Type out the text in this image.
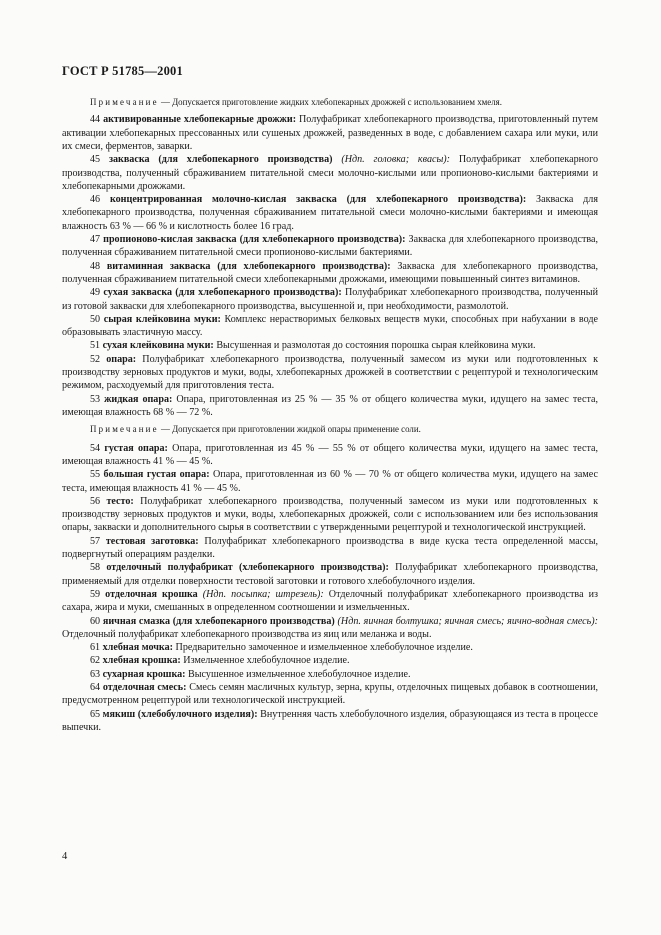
ГОСТ Р 51785—2001

Примечание — Допускается приготовление жидких хлебопекарных дрожжей с использованием хмеля.

44 активированные хлебопекарные дрожжи: Полуфабрикат хлебопекарного производства, приготовленный путем активации хлебопекарных прессованных или сушеных дрожжей, разведенных в воде, с добавлением сахара или муки, или их смеси, ферментов, заварки.

45 закваска (для хлебопекарного производства) (Ндп. головка; квасы): Полуфабрикат хлебопекарного производства, полученный сбраживанием питательной смеси молочно-кислыми или пропионово-кислыми бактериями и хлебопекарными дрожжами.

46 концентрированная молочно-кислая закваска (для хлебопекарного производства): Закваска для хлебопекарного производства, полученная сбраживанием питательной смеси молочно-кислыми бактериями и имеющая влажность 63 % — 66 % и кислотность более 16 град.

47 пропионово-кислая закваска (для хлебопекарного производства): Закваска для хлебопекарного производства, полученная сбраживанием питательной смеси пропионово-кислыми бактериями.

48 витаминная закваска (для хлебопекарного производства): Закваска для хлебопекарного производства, полученная сбраживанием питательной смеси хлебопекарными дрожжами, имеющими повышенный синтез витаминов.

49 сухая закваска (для хлебопекарного производства): Полуфабрикат хлебопекарного производства, полученный из готовой закваски для хлебопекарного производства, высушенной и, при необходимости, размолотой.

50 сырая клейковина муки: Комплекс нерастворимых белковых веществ муки, способных при набухании в воде образовывать эластичную массу.

51 сухая клейковина муки: Высушенная и размолотая до состояния порошка сырая клейковина муки.

52 опара: Полуфабрикат хлебопекарного производства, полученный замесом из муки или подготовленных к производству зерновых продуктов и муки, воды, хлебопекарных дрожжей в соответствии с рецептурой и технологическим режимом, расходуемый для приготовления теста.

53 жидкая опара: Опара, приготовленная из 25 % — 35 % от общего количества муки, идущего на замес теста, имеющая влажность 68 % — 72 %.

Примечание — Допускается при приготовлении жидкой опары применение соли.

54 густая опара: Опара, приготовленная из 45 % — 55 % от общего количества муки, идущего на замес теста, имеющая влажность 41 % — 45 %.

55 большая густая опара: Опара, приготовленная из 60 % — 70 % от общего количества муки, идущего на замес теста, имеющая влажность 41 % — 45 %.

56 тесто: Полуфабрикат хлебопекарного производства, полученный замесом из муки или подготовленных к производству зерновых продуктов и муки, воды, хлебопекарных дрожжей, соли с использованием или без использования опары, закваски и дополнительного сырья в соответствии с утвержденными рецептурой и технологической инструкцией.

57 тестовая заготовка: Полуфабрикат хлебопекарного производства в виде куска теста определенной массы, подвергнутый операциям разделки.

58 отделочный полуфабрикат (хлебопекарного производства): Полуфабрикат хлебопекарного производства, применяемый для отделки поверхности тестовой заготовки и готового хлебобулочного изделия.

59 отделочная крошка (Ндп. посыпка; штрезель): Отделочный полуфабрикат хлебопекарного производства из сахара, жира и муки, смешанных в определенном соотношении и измельченных.

60 яичная смазка (для хлебопекарного производства) (Ндп. яичная болтушка; яичная смесь; яично-водная смесь): Отделочный полуфабрикат хлебопекарного производства из яиц или меланжа и воды.

61 хлебная мочка: Предварительно замоченное и измельченное хлебобулочное изделие.

62 хлебная крошка: Измельченное хлебобулочное изделие.

63 сухарная крошка: Высушенное измельченное хлебобулочное изделие.

64 отделочная смесь: Смесь семян масличных культур, зерна, крупы, отделочных пищевых добавок в соотношении, предусмотренном рецептурой или технологической инструкцией.

65 мякиш (хлебобулочного изделия): Внутренняя часть хлебобулочного изделия, образующаяся из теста в процессе выпечки.

4
